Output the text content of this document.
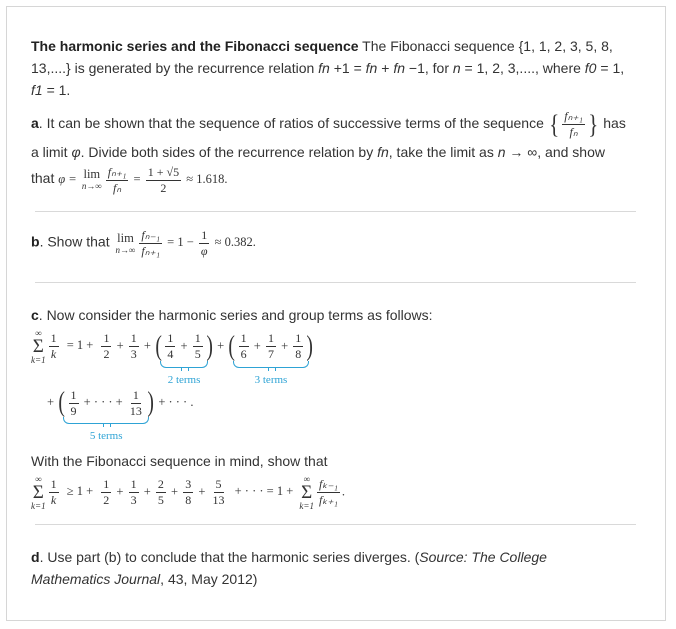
The harmonic series and the Fibonacci sequence The Fibonacci sequence {1, 1, 2, 3, 5, 8, 13,....} is generated by the recurrence relation fn +1 = fn + fn −1, for n = 1, 2, 3,...., where f0 = 1, f1 = 1.

a. It can be shown that the sequence of ratios of successive terms of the sequence { $\frac{\text{fₙ₊₁}}{\text{fₙ}}$ } has a limit φ. Divide both sides of the recurrence relation by fn, take the limit as n → ∞, and show that φ = lim
$n\to\infty \frac{\text{fₙ₊₁}}{\text{fₙ}} = \frac{1 + √5}{2} \approx 1.618$.

b. Show that lim
$n\to\infty \frac{\text{fₙ₋₁}}{\text{fₙ₊₁}} = 1 - \frac{1}{\varphi} \approx 0.382$.

c. Now consider the harmonic series and group terms as follows:

∞
Σ
$k=1 \frac{1}{k} = 1 + \frac{1}{2} + \frac{1}{3}$ + ( $\frac{1}{4} + \frac{1}{5}$ )
2 terms
+ ( $\frac{1}{6} + \frac{1}{7} + \frac{1}{8}$ )
3 terms
+ ( $\frac{1}{9}$ + · · · + $\frac{1}{13}$ )
5 terms
+ · · · .

With the Fibonacci sequence in mind, show that

∞
Σ
$k=1 \frac{1}{k} \ge 1 + \frac{1}{2} + \frac{1}{3} + \frac{2}{5} + \frac{3}{8} + \frac{5}{13}$ + · · · = 1 +
∞
Σ
$k=1 \frac{\text{fₖ₋₁}}{\text{fₖ₊₁}}$ .

d. Use part (b) to conclude that the harmonic series diverges. (Source: The College Mathematics Journal, 43, May 2012)
